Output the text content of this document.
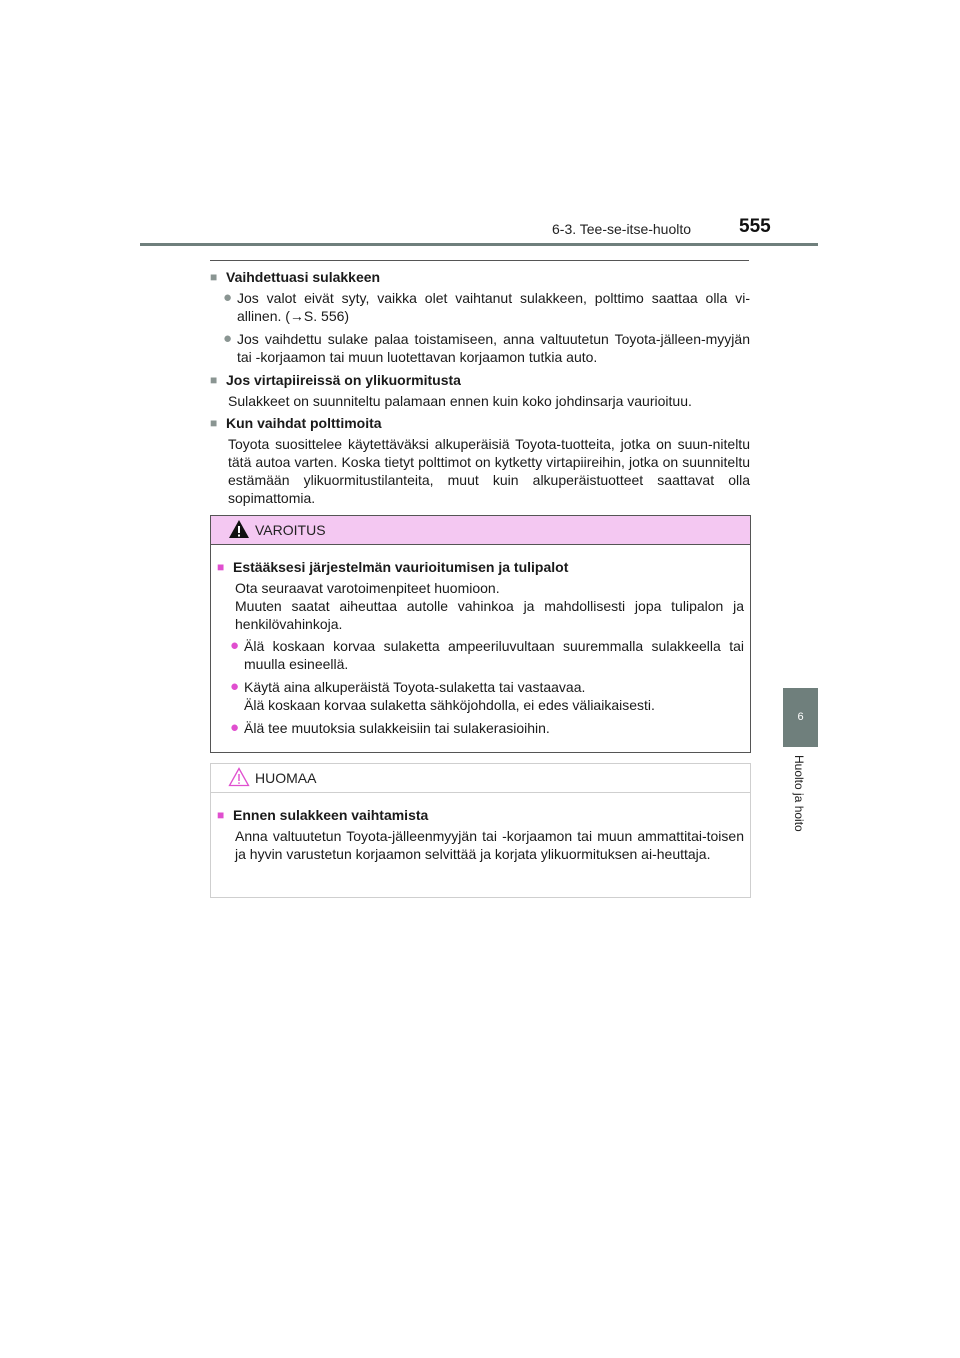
6-3. Tee-se-itse-huolto	555
6
Huolto ja hoito
■ Vaihdettuasi sulakkeen
● Jos valot eivät syty, vaikka olet vaihtanut sulakkeen, polttimo saattaa olla vi-allinen. (→S. 556)
● Jos vaihdettu sulake palaa toistamiseen, anna valtuutetun Toyota-jälleen-myyjän tai -korjaamon tai muun luotettavan korjaamon tutkia auto.
■ Jos virtapiireissä on ylikuormitusta
Sulakkeet on suunniteltu palamaan ennen kuin koko johdinsarja vaurioituu.
■ Kun vaihdat polttimoita
Toyota suosittelee käytettäväksi alkuperäisiä Toyota-tuotteita, jotka on suun-niteltu tätä autoa varten. Koska tietyt polttimot on kytketty virtapiireihin, jotka on suunniteltu estämään ylikuormitustilanteita, muut kuin alkuperäistuotteet saattavat olla sopimattomia.
VAROITUS
■ Estääksesi järjestelmän vaurioitumisen ja tulipalot
Ota seuraavat varotoimenpiteet huomioon.
Muuten saatat aiheuttaa autolle vahinkoa ja mahdollisesti jopa tulipalon ja henkilövahinkoja.
● Älä koskaan korvaa sulaketta ampeeriluvultaan suuremmalla sulakkeella tai muulla esineellä.
● Käytä aina alkuperäistä Toyota-sulaketta tai vastaavaa.
Älä koskaan korvaa sulaketta sähköjohdolla, ei edes väliaikaisesti.
● Älä tee muutoksia sulakkeisiin tai sulakerasioihin.
HUOMAA
■ Ennen sulakkeen vaihtamista
Anna valtuutetun Toyota-jälleenmyyjän tai -korjaamon tai muun ammattitai-toisen ja hyvin varustetun korjaamon selvittää ja korjata ylikuormituksen ai-heuttaja.
